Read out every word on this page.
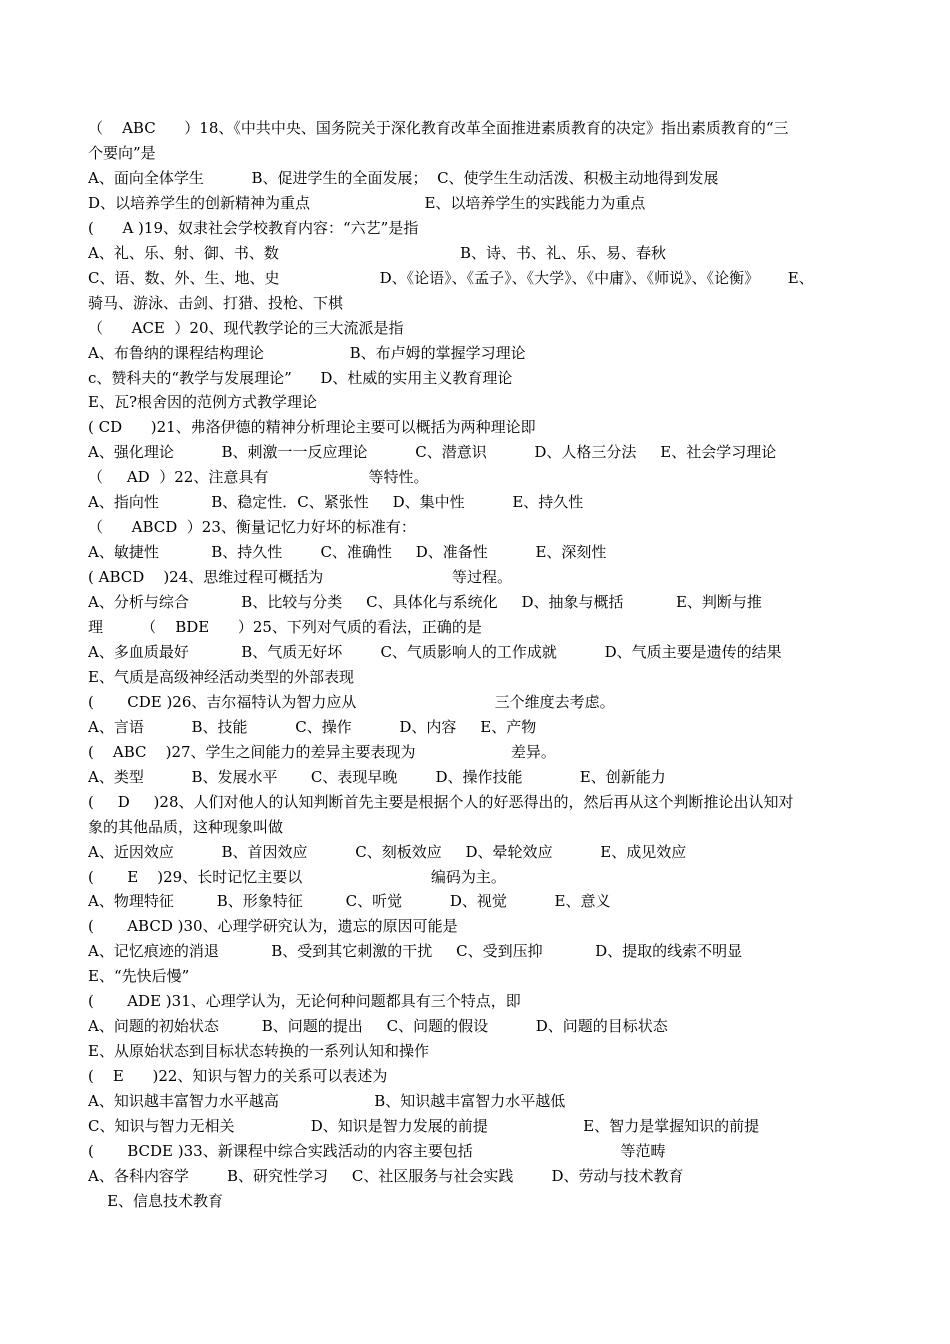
（    ABC      ）18、《中共中央、国务院关于深化教育改革全面推进素质教育的决定》指出素质教育的“三
个要向”是
A、面向全体学生          B、促进学生的全面发展；  C、使学生生动活泼、积极主动地得到发展
D、以培养学生的创新精神为重点                        E、以培养学生的实践能力为重点
(      A )19、奴隶社会学校教育内容：“六艺”是指
A、礼、乐、射、御、书、数                                      B、诗、书、礼、乐、易、春秋
C、语、数、外、生、地、史                     D、《论语》、《孟子》、《大学》、《中庸》、《师说》、《论衡》      E、
骑马、游泳、击剑、打猎、投枪、下棋
（      ACE  ）20、现代教学论的三大流派是指
A、布鲁纳的课程结构理论                  B、布卢姆的掌握学习理论
c、赞科夫的“教学与发展理论”      D、杜威的实用主义教育理论
E、瓦?根舍因的范例方式教学理论
( CD      )21、弗洛伊德的精神分析理论主要可以概括为两种理论即
A、强化理论          B、刺激一一反应理论          C、潜意识          D、人格三分法     E、社会学习理论
（     AD  ）22、注意具有                     等特性。
A、指向性           B、稳定性．C、紧张性     D、集中性          E、持久性
（      ABCD  ）23、衡量记忆力好坏的标准有：
A、敏捷性           B、持久性        C、准确性     D、准备性          E、深刻性
( ABCD    )24、思维过程可概括为                           等过程。
A、分析与综合           B、比较与分类     C、具体化与系统化     D、抽象与概括           E、判断与推
理        （    BDE      ）25、下列对气质的看法，正确的是
A、多血质最好           B、气质无好坏        C、气质影响人的工作成就          D、气质主要是遗传的结果
E、气质是高级神经活动类型的外部表现
(       CDE )26、吉尔福特认为智力应从                             三个维度去考虑。
A、言语          B、技能          C、操作          D、内容     E、产物
(    ABC    )27、学生之间能力的差异主要表现为                    差异。
A、类型          B、发展水平       C、表现早晚        D、操作技能            E、创新能力
(     D     )28、人们对他人的认知判断首先主要是根据个人的好恶得出的，然后再从这个判断推论出认知对
象的其他品质，这种现象叫做
A、近因效应          B、首因效应          C、刻板效应     D、晕轮效应          E、成见效应
(       E    )29、长时记忆主要以                           编码为主。
A、物理特征         B、形象特征         C、听觉          D、视觉          E、意义
(       ABCD )30、心理学研究认为，遗忘的原因可能是
A、记忆痕迹的消退           B、受到其它刺激的干扰     C、受到压抑           D、提取的线索不明显
E、“先快后慢”
(       ADE )31、心理学认为，无论何种问题都具有三个特点，即
A、问题的初始状态         B、问题的提出     C、问题的假设          D、问题的目标状态
E、从原始状态到目标状态转换的一系列认知和操作
(    E      )22、知识与智力的关系可以表述为
A、知识越丰富智力水平越高                    B、知识越丰富智力水平越低
C、知识与智力无相关                D、知识是智力发展的前提                    E、智力是掌握知识的前提
(       BCDE )33、新课程中综合实践活动的内容主要包括                               等范畴
A、各科内容学        B、研究性学习     C、社区服务与社会实践        D、劳动与技术教育
E、信息技术教育
